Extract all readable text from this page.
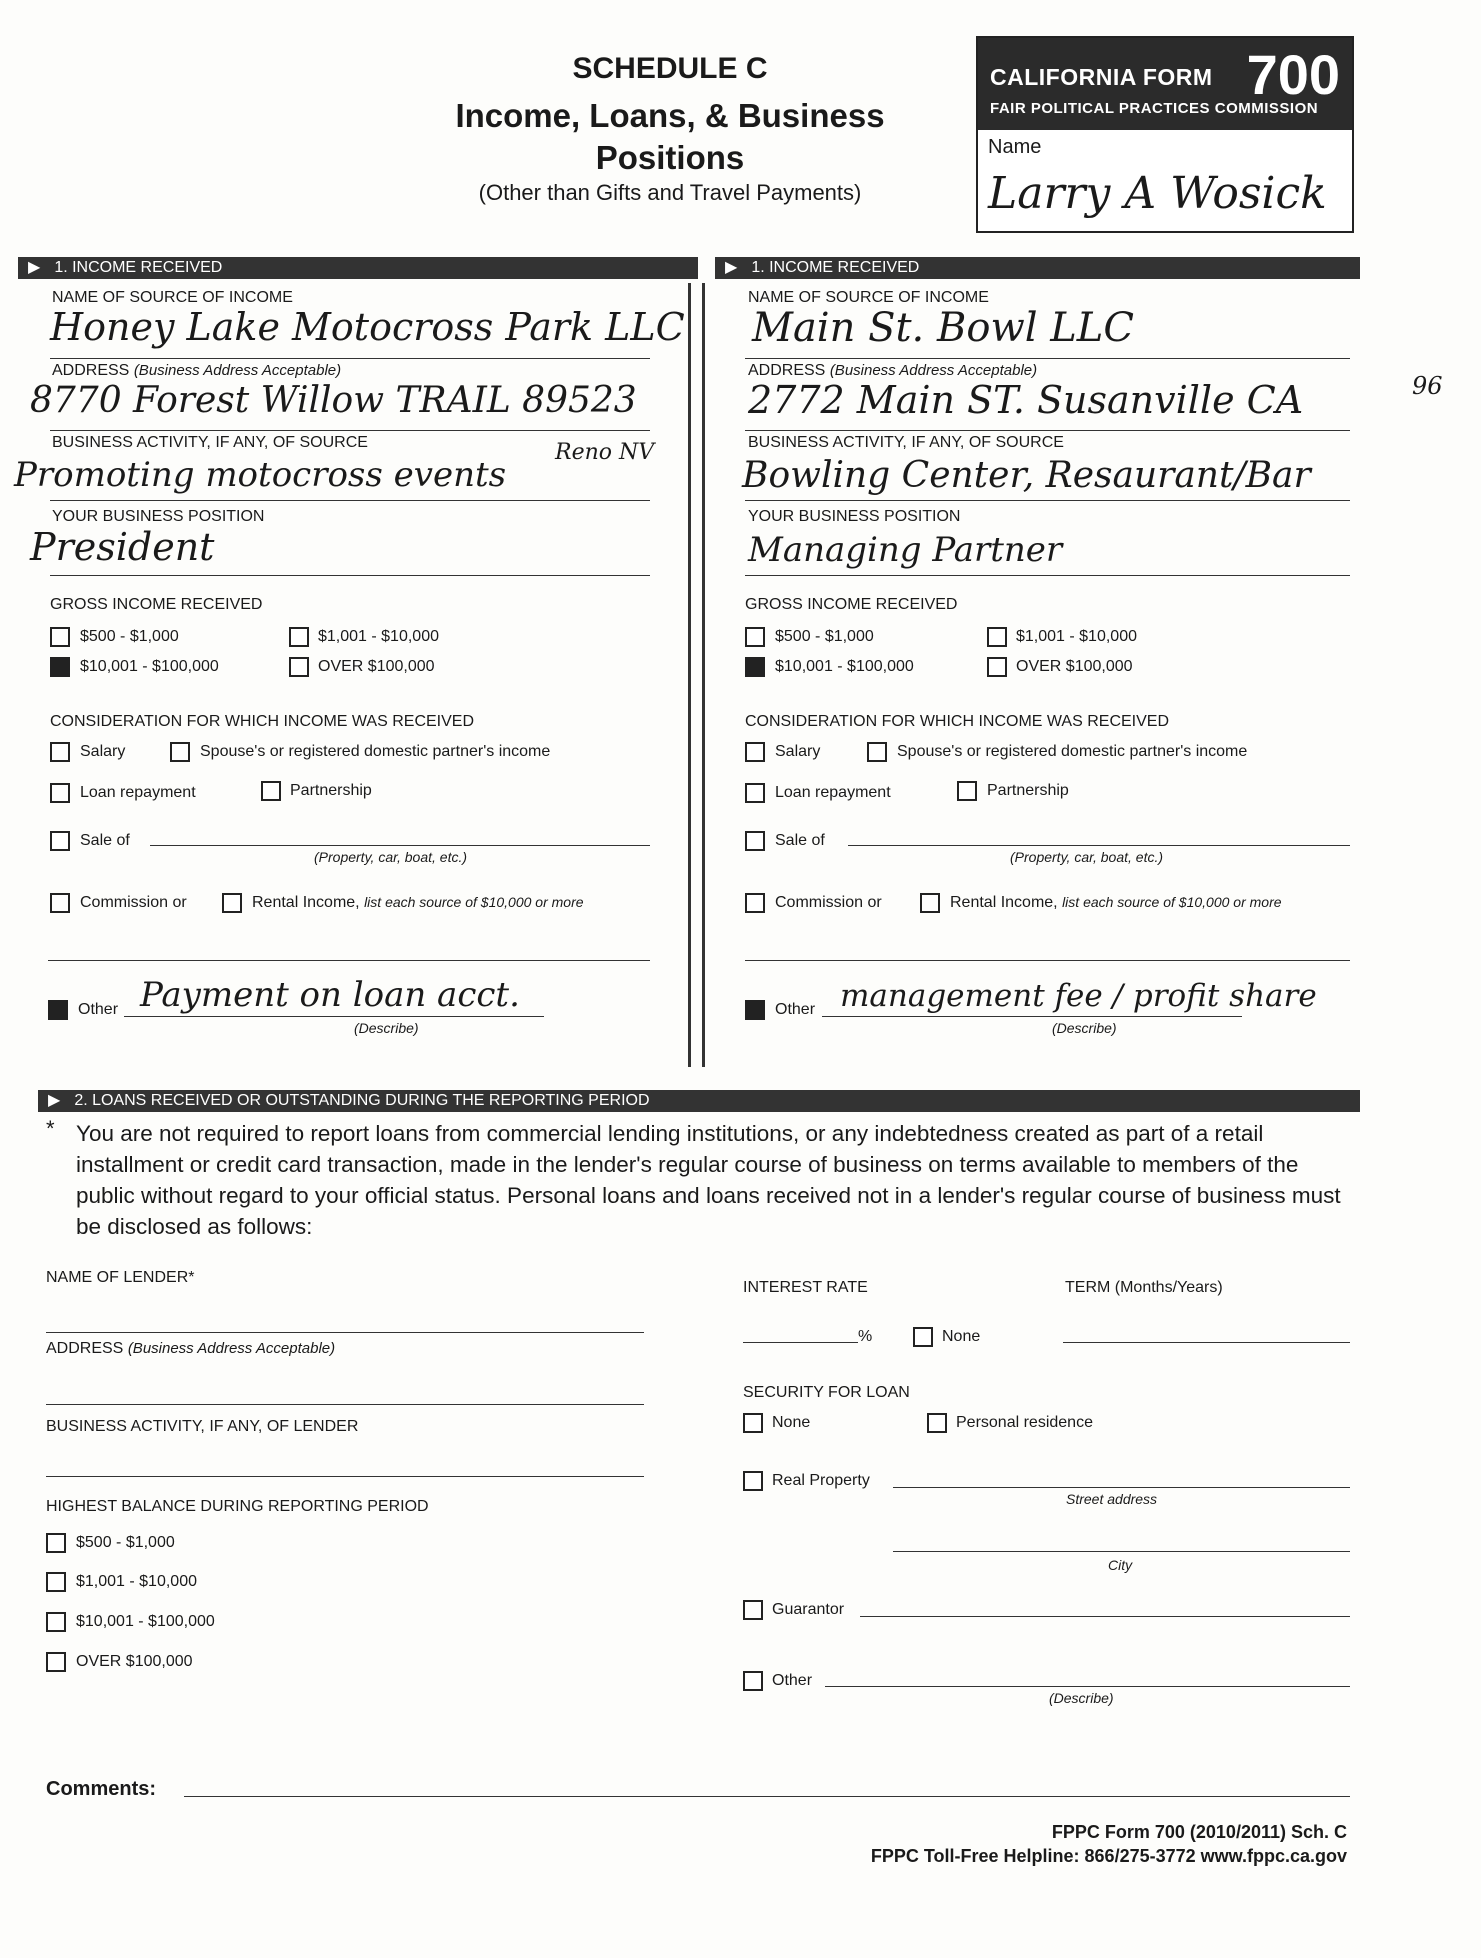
SCHEDULE C
Income, Loans, & Business
Positions
(Other than Gifts and Travel Payments)
CALIFORNIA FORM 700
FAIR POLITICAL PRACTICES COMMISSION
Name
Larry A Wosick
▶ 1. INCOME RECEIVED	▶ 1. INCOME RECEIVED
NAME OF SOURCE OF INCOME
Honey Lake Motocross Park LLC
ADDRESS (Business Address Acceptable)
8770 Forest Willow TRAIL 89523
BUSINESS ACTIVITY, IF ANY, OF SOURCE	Reno NV
Promoting motocross events
YOUR BUSINESS POSITION
President
GROSS INCOME RECEIVED
$500 - $1,000	$1,001 - $10,000
$10,001 - $100,000	OVER $100,000
CONSIDERATION FOR WHICH INCOME WAS RECEIVED
Salary	Spouse's or registered domestic partner's income
Loan repayment	Partnership
Sale of
(Property, car, boat, etc.)
Commission or	Rental Income, list each source of $10,000 or more
Other Payment on loan acct.
(Describe)
NAME OF SOURCE OF INCOME
Main St. Bowl LLC
ADDRESS (Business Address Acceptable)
2772 Main ST. Susanville CA	96
BUSINESS ACTIVITY, IF ANY, OF SOURCE
Bowling Center, Resaurant/Bar
YOUR BUSINESS POSITION
Managing Partner
GROSS INCOME RECEIVED
$500 - $1,000	$1,001 - $10,000
$10,001 - $100,000	OVER $100,000
CONSIDERATION FOR WHICH INCOME WAS RECEIVED
Salary	Spouse's or registered domestic partner's income
Loan repayment	Partnership
Sale of
(Property, car, boat, etc.)
Commission or	Rental Income, list each source of $10,000 or more
Other management fee / profit share
(Describe)
▶ 2. LOANS RECEIVED OR OUTSTANDING DURING THE REPORTING PERIOD
* You are not required to report loans from commercial lending institutions, or any indebtedness created as part of a retail installment or credit card transaction, made in the lender's regular course of business on terms available to members of the public without regard to your official status. Personal loans and loans received not in a lender's regular course of business must be disclosed as follows:
NAME OF LENDER*
ADDRESS (Business Address Acceptable)
BUSINESS ACTIVITY, IF ANY, OF LENDER
HIGHEST BALANCE DURING REPORTING PERIOD
$500 - $1,000
$1,001 - $10,000
$10,001 - $100,000
OVER $100,000
INTEREST RATE
%	None
TERM (Months/Years)
SECURITY FOR LOAN
None	Personal residence
Real Property
Street address
City
Guarantor
Other
(Describe)
Comments:
FPPC Form 700 (2010/2011) Sch. C
FPPC Toll-Free Helpline: 866/275-3772 www.fppc.ca.gov
